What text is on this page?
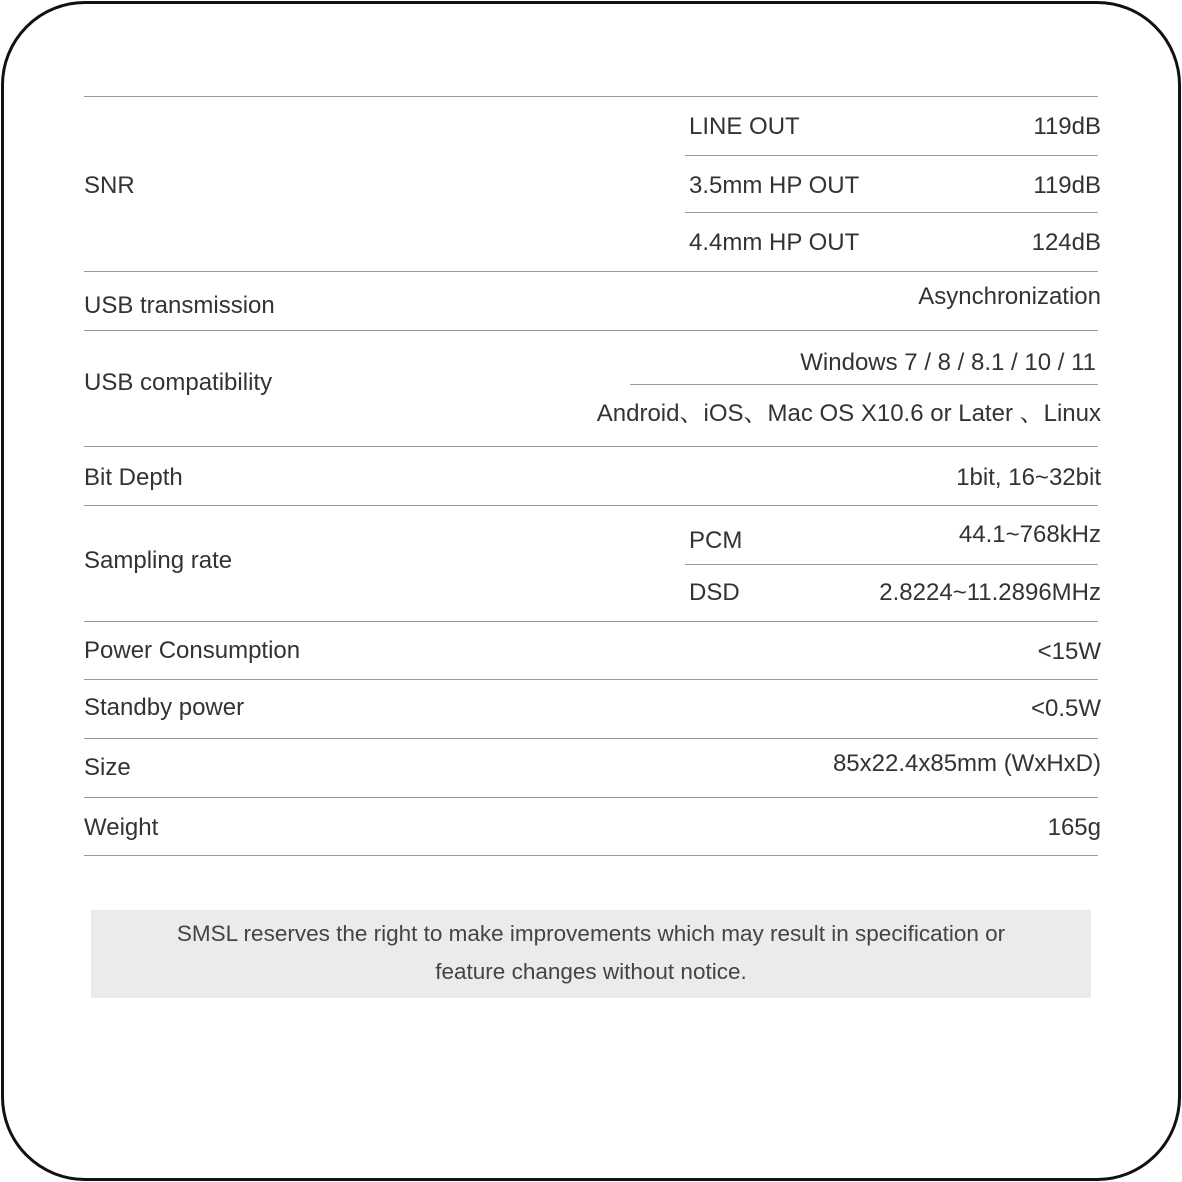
SNR
LINE OUT	119dB
3.5mm HP OUT	119dB
4.4mm HP OUT	124dB
USB transmission	Asynchronization
USB compatibility
Windows 7 / 8 / 8.1 / 10 / 11
Android、iOS、Mac OS X10.6 or Later 、Linux
Bit Depth	1bit, 16~32bit
Sampling rate
PCM	44.1~768kHz
DSD	2.8224~11.2896MHz
Power Consumption	<15W
Standby power	<0.5W
Size	85x22.4x85mm (WxHxD)
Weight	165g
SMSL reserves the right to make improvements which may result in specification or
feature changes without notice.
